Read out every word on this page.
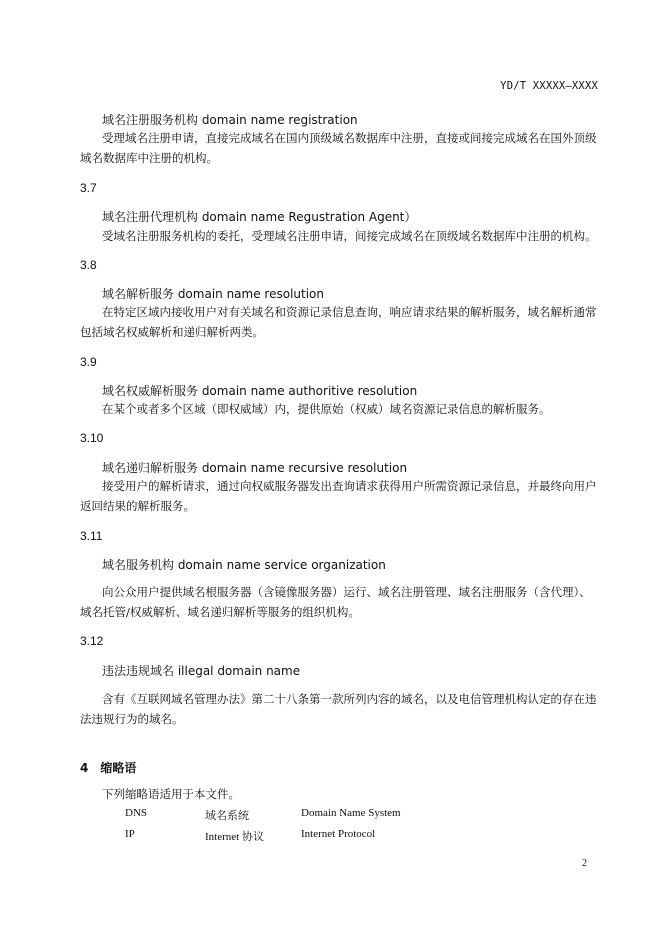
YD/T XXXXX—XXXX
域名注册服务机构 domain name registration
受理域名注册申请，直接完成域名在国内顶级域名数据库中注册，直接或间接完成域名在国外顶级域名数据库中注册的机构。
3.7
域名注册代理机构 domain name Regustration Agent）
受域名注册服务机构的委托，受理域名注册申请，间接完成域名在顶级域名数据库中注册的机构。
3.8
域名解析服务 domain name resolution
在特定区域内接收用户对有关域名和资源记录信息查询，响应请求结果的解析服务，域名解析通常包括域名权威解析和递归解析两类。
3.9
域名权威解析服务 domain name authoritive resolution
在某个或者多个区域（即权威域）内，提供原始（权威）域名资源记录信息的解析服务。
3.10
域名递归解析服务 domain name recursive resolution
接受用户的解析请求，通过向权威服务器发出查询请求获得用户所需资源记录信息，并最终向用户返回结果的解析服务。
3.11
域名服务机构 domain name service organization
向公众用户提供域名根服务器（含镜像服务器）运行、域名注册管理、域名注册服务（含代理）、域名托管/权威解析、域名递归解析等服务的组织机构。
3.12
违法违规域名 illegal domain name
含有《互联网域名管理办法》第二十八条第一款所列内容的域名，以及电信管理机构认定的存在违法违规行为的域名。
4 缩略语
下列缩略语适用于本文件。
DNS	域名系统	Domain Name System
IP	Internet 协议	Internet Protocol
2
